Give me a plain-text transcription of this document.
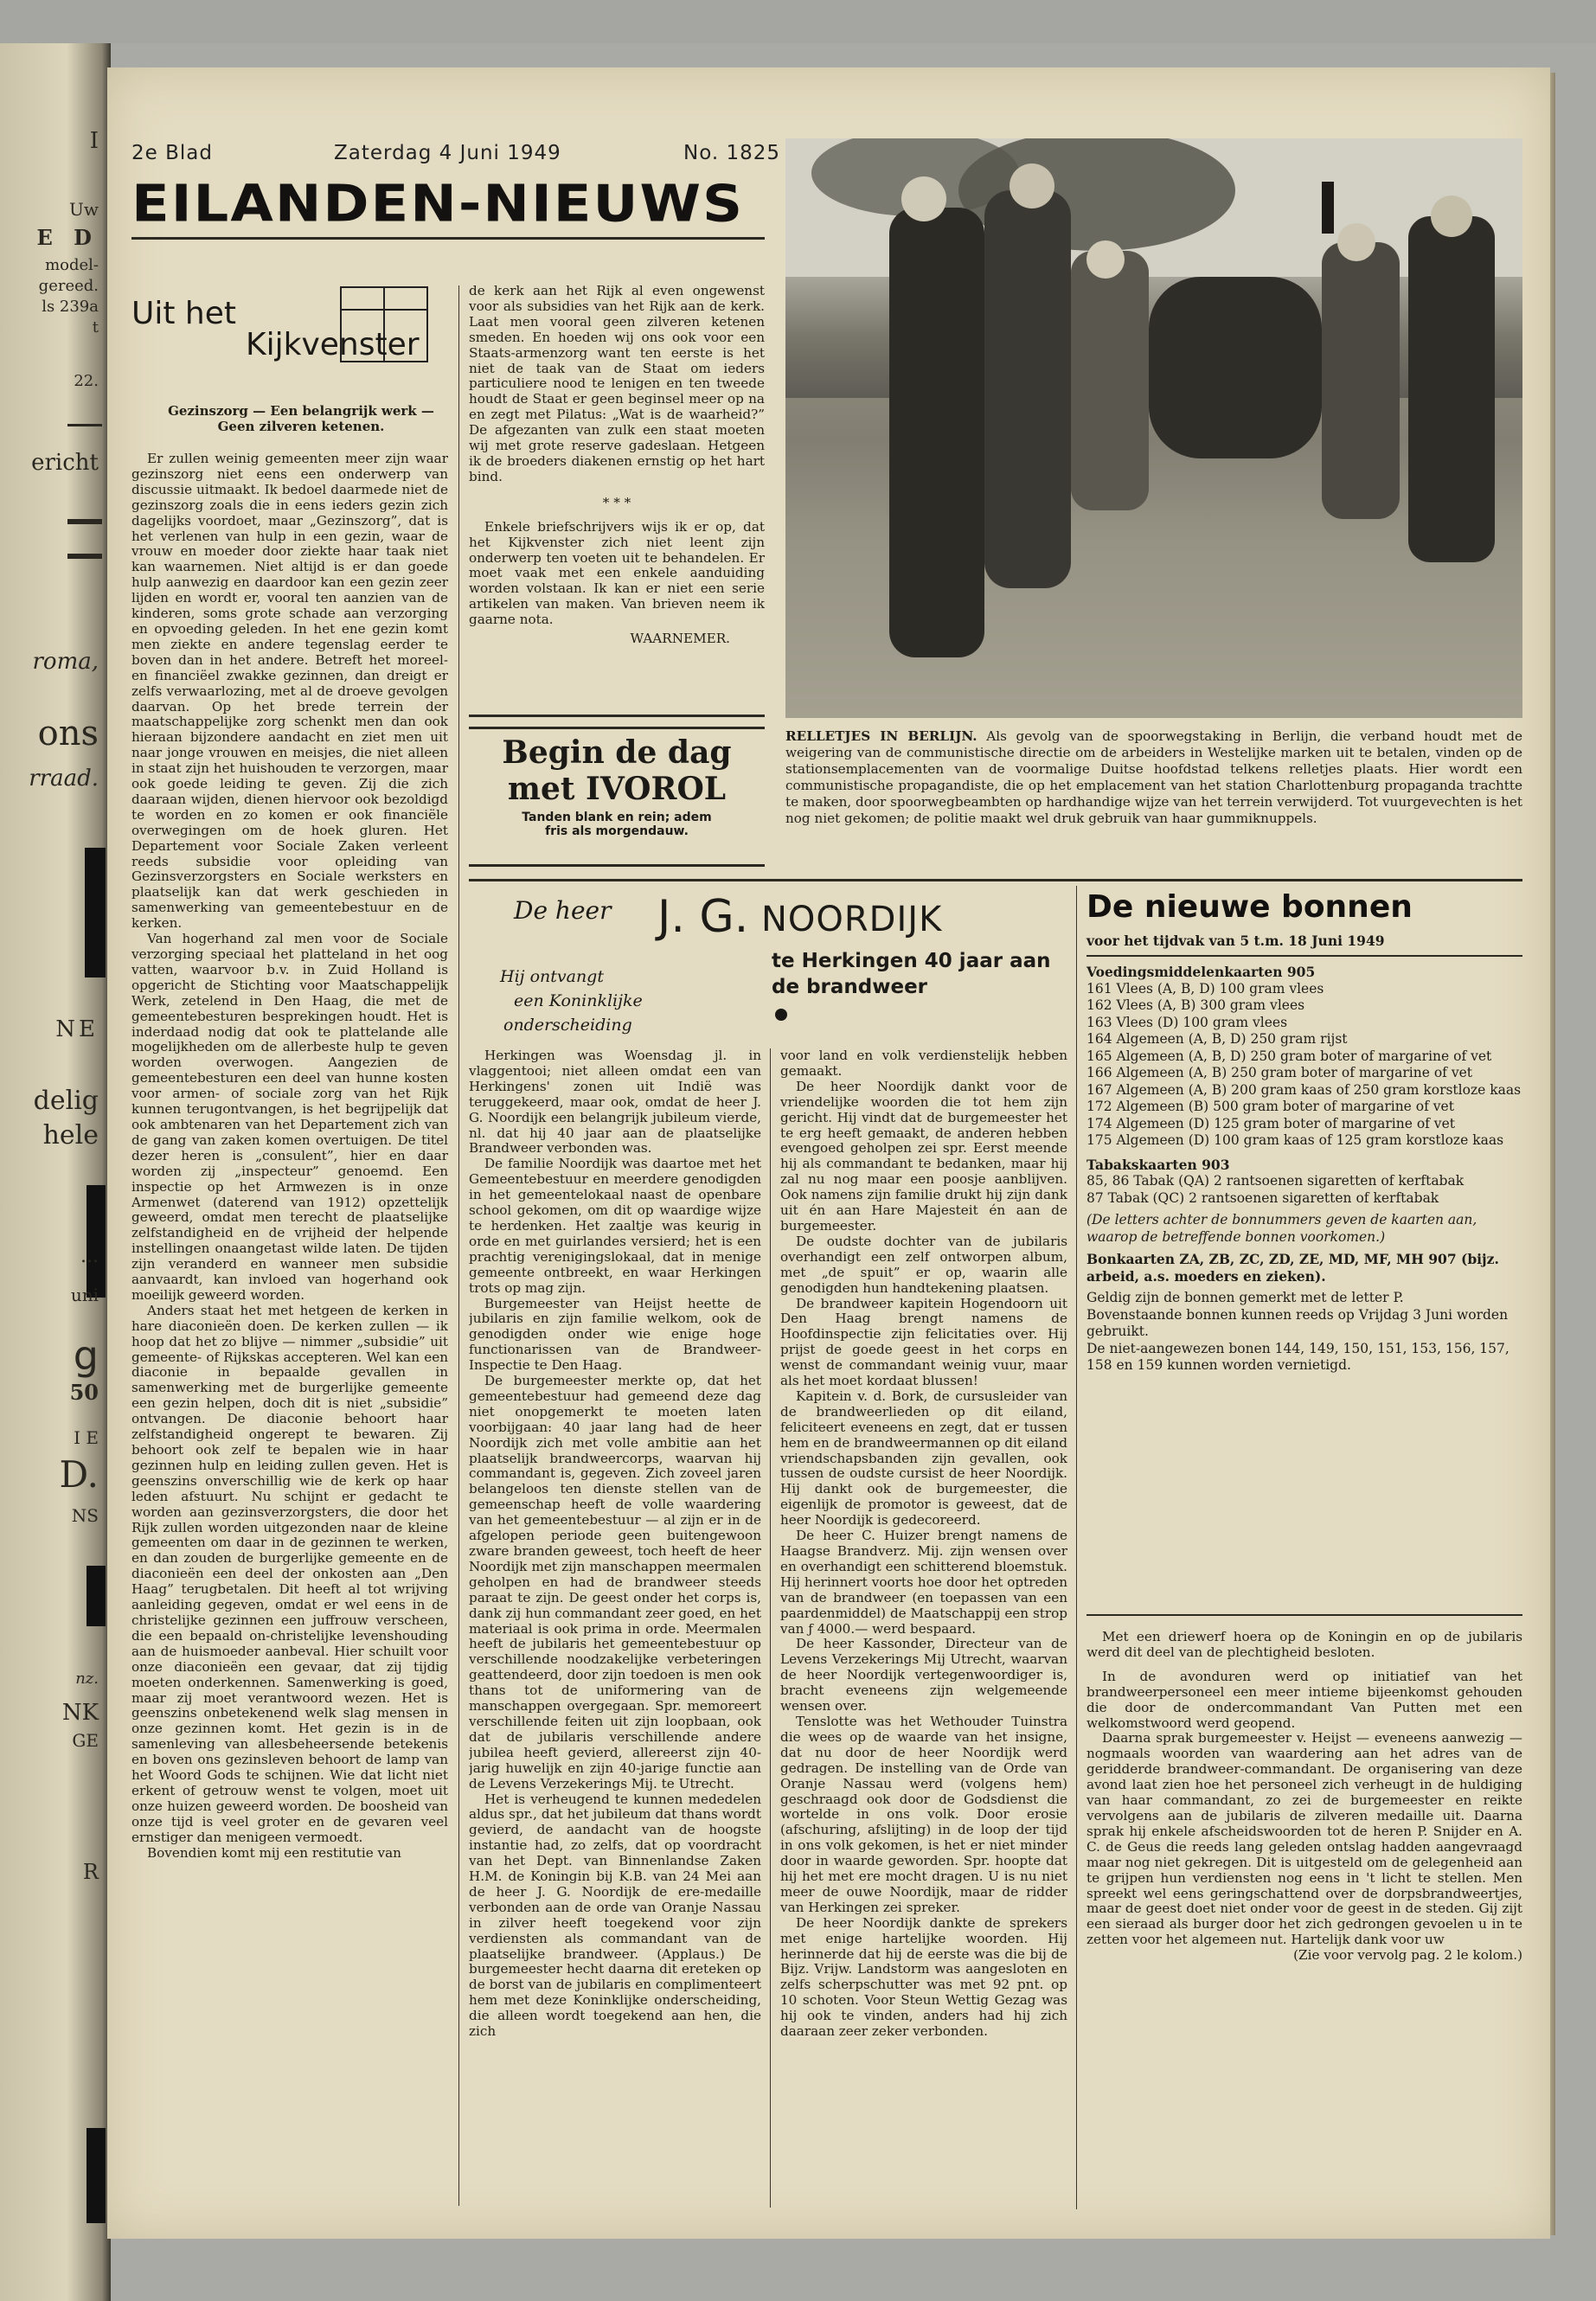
I
Uw
E D
model-
gereed.
ls 239a
t
22.
ericht
roma,
ons
rraad.
NE
delig
hele
...
uni
g
50
I E
D.
NS
nz.
NK
GE
R
2e Blad	Zaterdag 4 Juni 1949	No. 1825
EILANDEN-NIEUWS
Uit het
Kijkvenster
Gezinszorg — Een belangrijk werk — Geen zilveren ketenen.

Er zullen weinig gemeenten meer zijn waar gezinszorg niet eens een onderwerp van discussie uitmaakt. Ik bedoel daarmede niet de gezinszorg zoals die in eens ieders gezin zich dagelijks voordoet, maar „Gezinszorg”, dat is het verlenen van hulp in een gezin, waar de vrouw en moeder door ziekte haar taak niet kan waarnemen. Niet altijd is er dan goede hulp aanwezig en daardoor kan een gezin zeer lijden en wordt er, vooral ten aanzien van de kinderen, soms grote schade aan verzorging en opvoeding geleden. In het ene gezin komt men ziekte en andere tegenslag eerder te boven dan in het andere. Betreft het moreel- en financiëel zwakke gezinnen, dan dreigt er zelfs verwaarlozing, met al de droeve gevolgen daarvan. Op het brede terrein der maatschappelijke zorg schenkt men dan ook hieraan bijzondere aandacht en ziet men uit naar jonge vrouwen en meisjes, die niet alleen in staat zijn het huishouden te verzorgen, maar ook goede leiding te geven. Zij die zich daaraan wijden, dienen hiervoor ook bezoldigd te worden en zo komen er ook financiële overwegingen om de hoek gluren. Het Departement voor Sociale Zaken verleent reeds subsidie voor opleiding van Gezinsverzorgsters en Sociale werksters en plaatselijk kan dat werk geschieden in samenwerking van gemeentebestuur en de kerken.

Van hogerhand zal men voor de Sociale verzorging speciaal het platteland in het oog vatten, waarvoor b.v. in Zuid Holland is opgericht de Stichting voor Maatschappelijk Werk, zetelend in Den Haag, die met de gemeentebesturen besprekingen houdt. Het is inderdaad nodig dat ook te plattelande alle mogelijkheden om de allerbeste hulp te geven worden overwogen. Aangezien de gemeentebesturen een deel van hunne kosten voor armen- of sociale zorg van het Rijk kunnen terugontvangen, is het begrijpelijk dat ook ambtenaren van het Departement zich van de gang van zaken komen overtuigen. De titel dezer heren is „consulent”, hier en daar worden zij „inspecteur” genoemd. Een inspectie op het Armwezen is in onze Armenwet (daterend van 1912) opzettelijk geweerd, omdat men terecht de plaatselijke zelfstandigheid en de vrijheid der helpende instellingen onaangetast wilde laten. De tijden zijn veranderd en wanneer men subsidie aanvaardt, kan invloed van hogerhand ook moeilijk geweerd worden.

Anders staat het met hetgeen de kerken in hare diaconieën doen. De kerken zullen — ik hoop dat het zo blijve — nimmer „subsidie” uit gemeente- of Rijkskas accepteren. Wel kan een diaconie in bepaalde gevallen in samenwerking met de burgerlijke gemeente een gezin helpen, doch dit is niet „subsidie” ontvangen. De diaconie behoort haar zelfstandigheid ongerept te bewaren. Zij behoort ook zelf te bepalen wie in haar gezinnen hulp en leiding zullen geven. Het is geenszins onverschillig wie de kerk op haar leden afstuurt. Nu schijnt er gedacht te worden aan gezinsverzorgsters, die door het Rijk zullen worden uitgezonden naar de kleine gemeenten om daar in de gezinnen te werken, en dan zouden de burgerlijke gemeente en de diaconieën een deel der onkosten aan „Den Haag” terugbetalen. Dit heeft al tot wrijving aanleiding gegeven, omdat er wel eens in de christelijke gezinnen een juffrouw verscheen, die een bepaald on-christelijke levenshouding aan de huismoeder aanbeval. Hier schuilt voor onze diaconieën een gevaar, dat zij tijdig moeten onderkennen. Samenwerking is goed, maar zij moet verantwoord wezen. Het is geenszins onbetekenend welk slag mensen in onze gezinnen komt. Het gezin is in de samenleving van allesbeheersende betekenis en boven ons gezinsleven behoort de lamp van het Woord Gods te schijnen. Wie dat licht niet erkent of getrouw wenst te volgen, moet uit onze huizen geweerd worden. De boosheid van onze tijd is veel groter en de gevaren veel ernstiger dan menigeen vermoedt.

Bovendien komt mij een restitutie van

de kerk aan het Rijk al even ongewenst voor als subsidies van het Rijk aan de kerk. Laat men vooral geen zilveren ketenen smeden. En hoeden wij ons ook voor een Staats-armenzorg want ten eerste is het niet de taak van de Staat om ieders particuliere nood te lenigen en ten tweede houdt de Staat er geen beginsel meer op na en zegt met Pilatus: „Wat is de waarheid?” De afgezanten van zulk een staat moeten wij met grote reserve gadeslaan. Hetgeen ik de broeders diakenen ernstig op het hart bind.

* * *

Enkele briefschrijvers wijs ik er op, dat het Kijkvenster zich niet leent zijn onderwerp ten voeten uit te behandelen. Er moet vaak met een enkele aanduiding worden volstaan. Ik kan er niet een serie artikelen van maken. Van brieven neem ik gaarne nota.

WAARNEMER.
Begin de dag
met IVOROL
Tanden blank en rein; adem
fris als morgendauw.
RELLETJES IN BERLIJN. Als gevolg van de spoorwegstaking in Berlijn, die verband houdt met de weigering van de communistische directie om de arbeiders in Westelijke marken uit te betalen, vinden op de stationsemplacementen van de voormalige Duitse hoofdstad telkens relletjes plaats. Hier wordt een communistische propagandiste, die op het emplacement van het station Charlottenburg propaganda trachtte te maken, door spoorwegbeambten op hardhandige wijze van het terrein verwijderd. Tot vuurgevechten is het nog niet gekomen; de politie maakt wel druk gebruik van haar gummiknuppels.
De heer J. G. NOORDIJK
Hij ontvangt
een Koninklijke
onderscheiding
te Herkingen 40 jaar aan
de brandweer

Herkingen was Woensdag jl. in vlaggentooi; niet alleen omdat een van Herkingens' zonen uit Indië was teruggekeerd, maar ook, omdat de heer J. G. Noordijk een belangrijk jubileum vierde, nl. dat hij 40 jaar aan de plaatselijke Brandweer verbonden was.

De familie Noordijk was daartoe met het Gemeentebestuur en meerdere genodigden in het gemeentelokaal naast de openbare school gekomen, om dit op waardige wijze te herdenken. Het zaaltje was keurig in orde en met guirlandes versierd; het is een prachtig verenigingslokaal, dat in menige gemeente ontbreekt, en waar Herkingen trots op mag zijn.

Burgemeester van Heijst heette de jubilaris en zijn familie welkom, ook de genodigden onder wie enige hoge functionarissen van de Brandweer-Inspectie te Den Haag.

De burgemeester merkte op, dat het gemeentebestuur had gemeend deze dag niet onopgemerkt te moeten laten voorbijgaan: 40 jaar lang had de heer Noordijk zich met volle ambitie aan het plaatselijk brandweercorps, waarvan hij commandant is, gegeven. Zich zoveel jaren belangeloos ten dienste stellen van de gemeenschap heeft de volle waardering van het gemeentebestuur — al zijn er in de afgelopen periode geen buitengewoon zware branden geweest, toch heeft de heer Noordijk met zijn manschappen meermalen geholpen en had de brandweer steeds paraat te zijn. De geest onder het corps is, dank zij hun commandant zeer goed, en het materiaal is ook prima in orde. Meermalen heeft de jubilaris het gemeentebestuur op verschillende noodzakelijke verbeteringen geattendeerd, door zijn toedoen is men ook thans tot de uniformering van de manschappen overgegaan. Spr. memoreert verschillende feiten uit zijn loopbaan, ook dat de jubilaris verschillende andere jubilea heeft gevierd, allereerst zijn 40-jarig huwelijk en zijn 40-jarige functie aan de Levens Verzekerings Mij. te Utrecht.

Het is verheugend te kunnen mededelen aldus spr., dat het jubileum dat thans wordt gevierd, de aandacht van de hoogste instantie had, zo zelfs, dat op voordracht van het Dept. van Binnenlandse Zaken H.M. de Koningin bij K.B. van 24 Mei aan de heer J. G. Noordijk de ere-medaille verbonden aan de orde van Oranje Nassau in zilver heeft toegekend voor zijn verdiensten als commandant van de plaatselijke brandweer. (Applaus.) De burgemeester hecht daarna dit ereteken op de borst van de jubilaris en complimenteert hem met deze Koninklijke onderscheiding, die alleen wordt toegekend aan hen, die zich

voor land en volk verdienstelijk hebben gemaakt.

De heer Noordijk dankt voor de vriendelijke woorden die tot hem zijn gericht. Hij vindt dat de burgemeester het te erg heeft gemaakt, de anderen hebben evengoed geholpen zei spr. Eerst meende hij als commandant te bedanken, maar hij zal nu nog maar een poosje aanblijven. Ook namens zijn familie drukt hij zijn dank uit én aan Hare Majesteit én aan de burgemeester.

De oudste dochter van de jubilaris overhandigt een zelf ontworpen album, met „de spuit” er op, waarin alle genodigden hun handtekening plaatsen.

De brandweer kapitein Hogendoorn uit Den Haag brengt namens de Hoofdinspectie zijn felicitaties over. Hij prijst de goede geest in het corps en wenst de commandant weinig vuur, maar als het moet kordaat blussen!

Kapitein v. d. Bork, de cursusleider van de brandweerlieden op dit eiland, feliciteert eveneens en zegt, dat er tussen hem en de brandweermannen op dit eiland vriendschapsbanden zijn gevallen, ook tussen de oudste cursist de heer Noordijk. Hij dankt ook de burgemeester, die eigenlijk de promotor is geweest, dat de heer Noordijk is gedecoreerd.

De heer C. Huizer brengt namens de Haagse Brandverz. Mij. zijn wensen over en overhandigt een schitterend bloemstuk. Hij herinnert voorts hoe door het optreden van de brandweer (en toepassen van een paardenmiddel) de Maatschappij een strop van ƒ 4000.— werd bespaard.

De heer Kassonder, Directeur van de Levens Verzekerings Mij Utrecht, waarvan de heer Noordijk vertegenwoordiger is, bracht eveneens zijn welgemeende wensen over.

Tenslotte was het Wethouder Tuinstra die wees op de waarde van het insigne, dat nu door de heer Noordijk werd gedragen. De instelling van de Orde van Oranje Nassau werd (volgens hem) geschraagd ook door de Godsdienst die wortelde in ons volk. Door erosie (afschuring, afslijting) in de loop der tijd in ons volk gekomen, is het er niet minder door in waarde geworden. Spr. hoopte dat hij het met ere mocht dragen. U is nu niet meer de ouwe Noordijk, maar de ridder van Herkingen zei spreker.

De heer Noordijk dankte de sprekers met enige hartelijke woorden. Hij herinnerde dat hij de eerste was die bij de Bijz. Vrijw. Landstorm was aangesloten en zelfs scherpschutter was met 92 pnt. op 10 schoten. Voor Steun Wettig Gezag was hij ook te vinden, anders had hij zich daaraan zeer zeker verbonden.

De nieuwe bonnen
voor het tijdvak van 5 t.m. 18 Juni 1949
Voedingsmiddelenkaarten 905
161 Vlees (A, B, D) 100 gram vlees
162 Vlees (A, B) 300 gram vlees
163 Vlees (D) 100 gram vlees
164 Algemeen (A, B, D) 250 gram rijst
165 Algemeen (A, B, D) 250 gram boter of margarine of vet
166 Algemeen (A, B) 250 gram boter of margarine of vet
167 Algemeen (A, B) 200 gram kaas of 250 gram korstloze kaas
172 Algemeen (B) 500 gram boter of margarine of vet
174 Algemeen (D) 125 gram boter of margarine of vet
175 Algemeen (D) 100 gram kaas of 125 gram korstloze kaas
Tabakskaarten 903
85, 86 Tabak (QA) 2 rantsoenen sigaretten of kerftabak
87 Tabak (QC) 2 rantsoenen sigaretten of kerftabak
(De letters achter de bonnummers geven de kaarten aan, waarop de betreffende bonnen voorkomen.)
Bonkaarten ZA, ZB, ZC, ZD, ZE, MD, MF, MH 907 (bijz. arbeid, a.s. moeders en zieken).
Geldig zijn de bonnen gemerkt met de letter P.
Bovenstaande bonnen kunnen reeds op Vrijdag 3 Juni worden gebruikt.
De niet-aangewezen bonen 144, 149, 150, 151, 153, 156, 157, 158 en 159 kunnen worden vernietigd.

Met een driewerf hoera op de Koningin en op de jubilaris werd dit deel van de plechtigheid besloten.

In de avonduren werd op initiatief van het brandweerpersoneel een meer intieme bijeenkomst gehouden die door de ondercommandant Van Putten met een welkomstwoord werd geopend.

Daarna sprak burgemeester v. Heijst — eveneens aanwezig — nogmaals woorden van waardering aan het adres van de geridderde brandweer-commandant. De organisering van deze avond laat zien hoe het personeel zich verheugt in de huldiging van haar commandant, zo zei de burgemeester en reikte vervolgens aan de jubilaris de zilveren medaille uit. Daarna sprak hij enkele afscheidswoorden tot de heren P. Snijder en A. C. de Geus die reeds lang geleden ontslag hadden aangevraagd maar nog niet gekregen. Dit is uitgesteld om de gelegenheid aan te grijpen hun verdiensten nog eens in 't licht te stellen. Men spreekt wel eens geringschattend over de dorpsbrandweertjes, maar de geest doet niet onder voor de geest in de steden. Gij zijt een sieraad als burger door het zich gedrongen gevoelen u in te zetten voor het algemeen nut. Hartelijk dank voor uw

(Zie voor vervolg pag. 2 le kolom.)
